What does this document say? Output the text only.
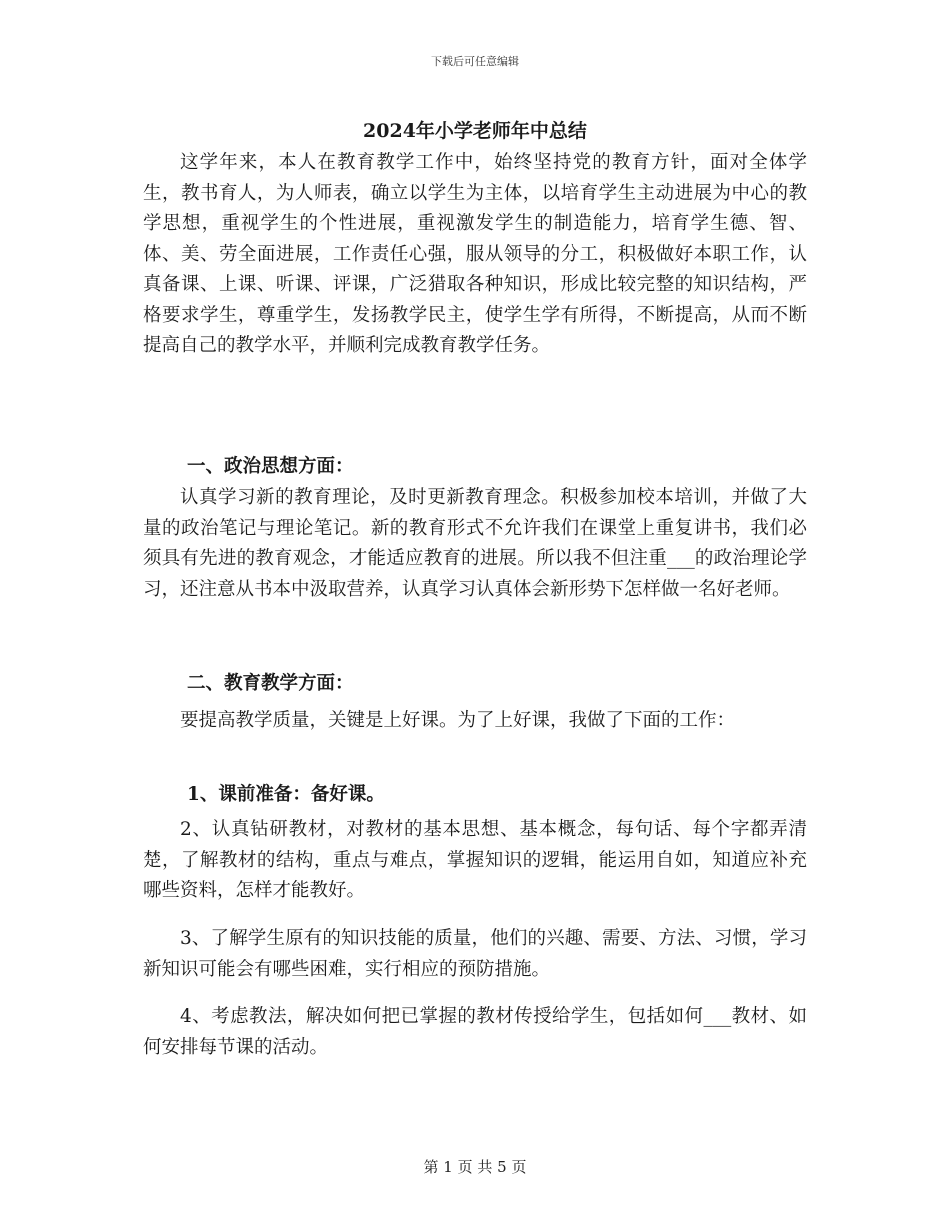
下载后可任意编辑
2024年小学老师年中总结

这学年来，本人在教育教学工作中，始终坚持党的教育方针，面对全体学生，教书育人，为人师表，确立以学生为主体，以培育学生主动进展为中心的教学思想，重视学生的个性进展，重视激发学生的制造能力，培育学生德、智、体、美、劳全面进展，工作责任心强，服从领导的分工，积极做好本职工作，认真备课、上课、听课、评课，广泛猎取各种知识，形成比较完整的知识结构，严格要求学生，尊重学生，发扬教学民主，使学生学有所得，不断提高，从而不断提高自己的教学水平，并顺利完成教育教学任务。

一、政治思想方面：

认真学习新的教育理论，及时更新教育理念。积极参加校本培训，并做了大量的政治笔记与理论笔记。新的教育形式不允许我们在课堂上重复讲书，我们必须具有先进的教育观念，才能适应教育的进展。所以我不但注重___的政治理论学习，还注意从书本中汲取营养，认真学习认真体会新形势下怎样做一名好老师。

二、教育教学方面：

要提高教学质量，关键是上好课。为了上好课，我做了下面的工作：

1、课前准备：备好课。

2、认真钻研教材，对教材的基本思想、基本概念，每句话、每个字都弄清楚，了解教材的结构，重点与难点，掌握知识的逻辑，能运用自如，知道应补充哪些资料，怎样才能教好。

3、了解学生原有的知识技能的质量，他们的兴趣、需要、方法、习惯，学习新知识可能会有哪些困难，实行相应的预防措施。

4、考虑教法，解决如何把已掌握的教材传授给学生，包括如何___教材、如何安排每节课的活动。

第 1 页 共 5 页
